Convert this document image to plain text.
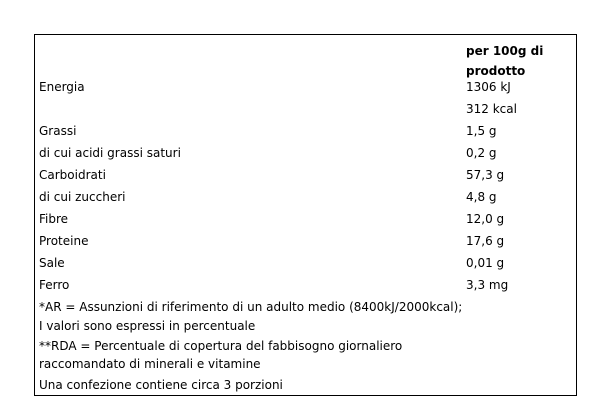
per 100g di
prodotto
Energia	1306 kJ
312 kcal
Grassi	1,5 g
di cui acidi grassi saturi	0,2 g
Carboidrati	57,3 g
di cui zuccheri	4,8 g
Fibre	12,0 g
Proteine	17,6 g
Sale	0,01 g
Ferro	3,3 mg
*AR = Assunzioni di riferimento di un adulto medio (8400kJ/2000kcal);
I valori sono espressi in percentuale
**RDA = Percentuale di copertura del fabbisogno giornaliero
raccomandato di minerali e vitamine
Una confezione contiene circa 3 porzioni
